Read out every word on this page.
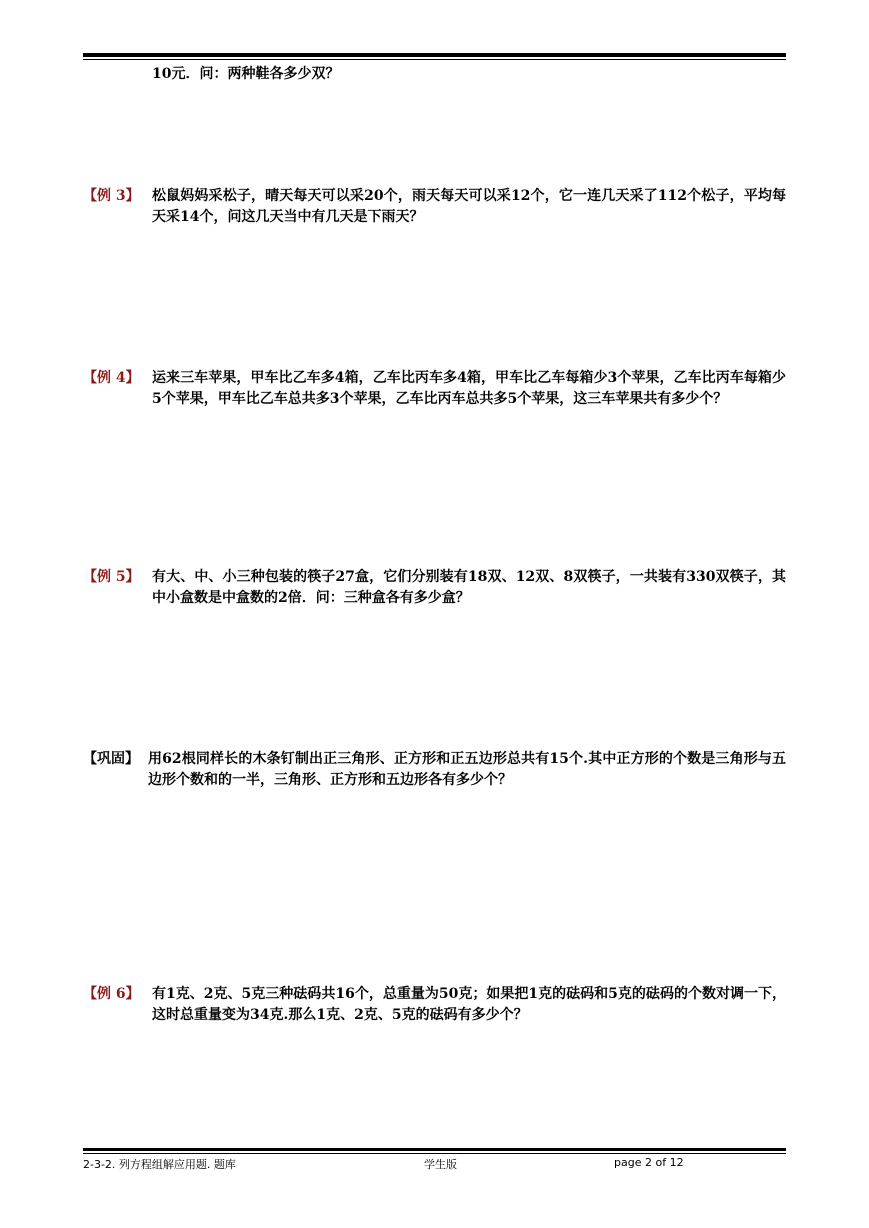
10元．问：两种鞋各多少双？
【例 3】 松鼠妈妈采松子，晴天每天可以采20个，雨天每天可以采12个，它一连几天采了112个松子，平均每天采14个，问这几天当中有几天是下雨天？
【例 4】 运来三车苹果，甲车比乙车多4箱，乙车比丙车多4箱，甲车比乙车每箱少3个苹果，乙车比丙车每箱少5个苹果，甲车比乙车总共多3个苹果，乙车比丙车总共多5个苹果，这三车苹果共有多少个？
【例 5】 有大、中、小三种包装的筷子27盒，它们分别装有18双、12双、8双筷子，一共装有330双筷子，其中小盒数是中盒数的2倍．问：三种盒各有多少盒？
【巩固】 用62根同样长的木条钉制出正三角形、正方形和正五边形总共有15个.其中正方形的个数是三角形与五边形个数和的一半，三角形、正方形和五边形各有多少个？
【例 6】 有1克、2克、5克三种砝码共16个，总重量为50克；如果把1克的砝码和5克的砝码的个数对调一下，这时总重量变为34克.那么1克、2克、5克的砝码有多少个？
2-3-2. 列方程组解应用题. 题库	学生版	page 2 of 12
